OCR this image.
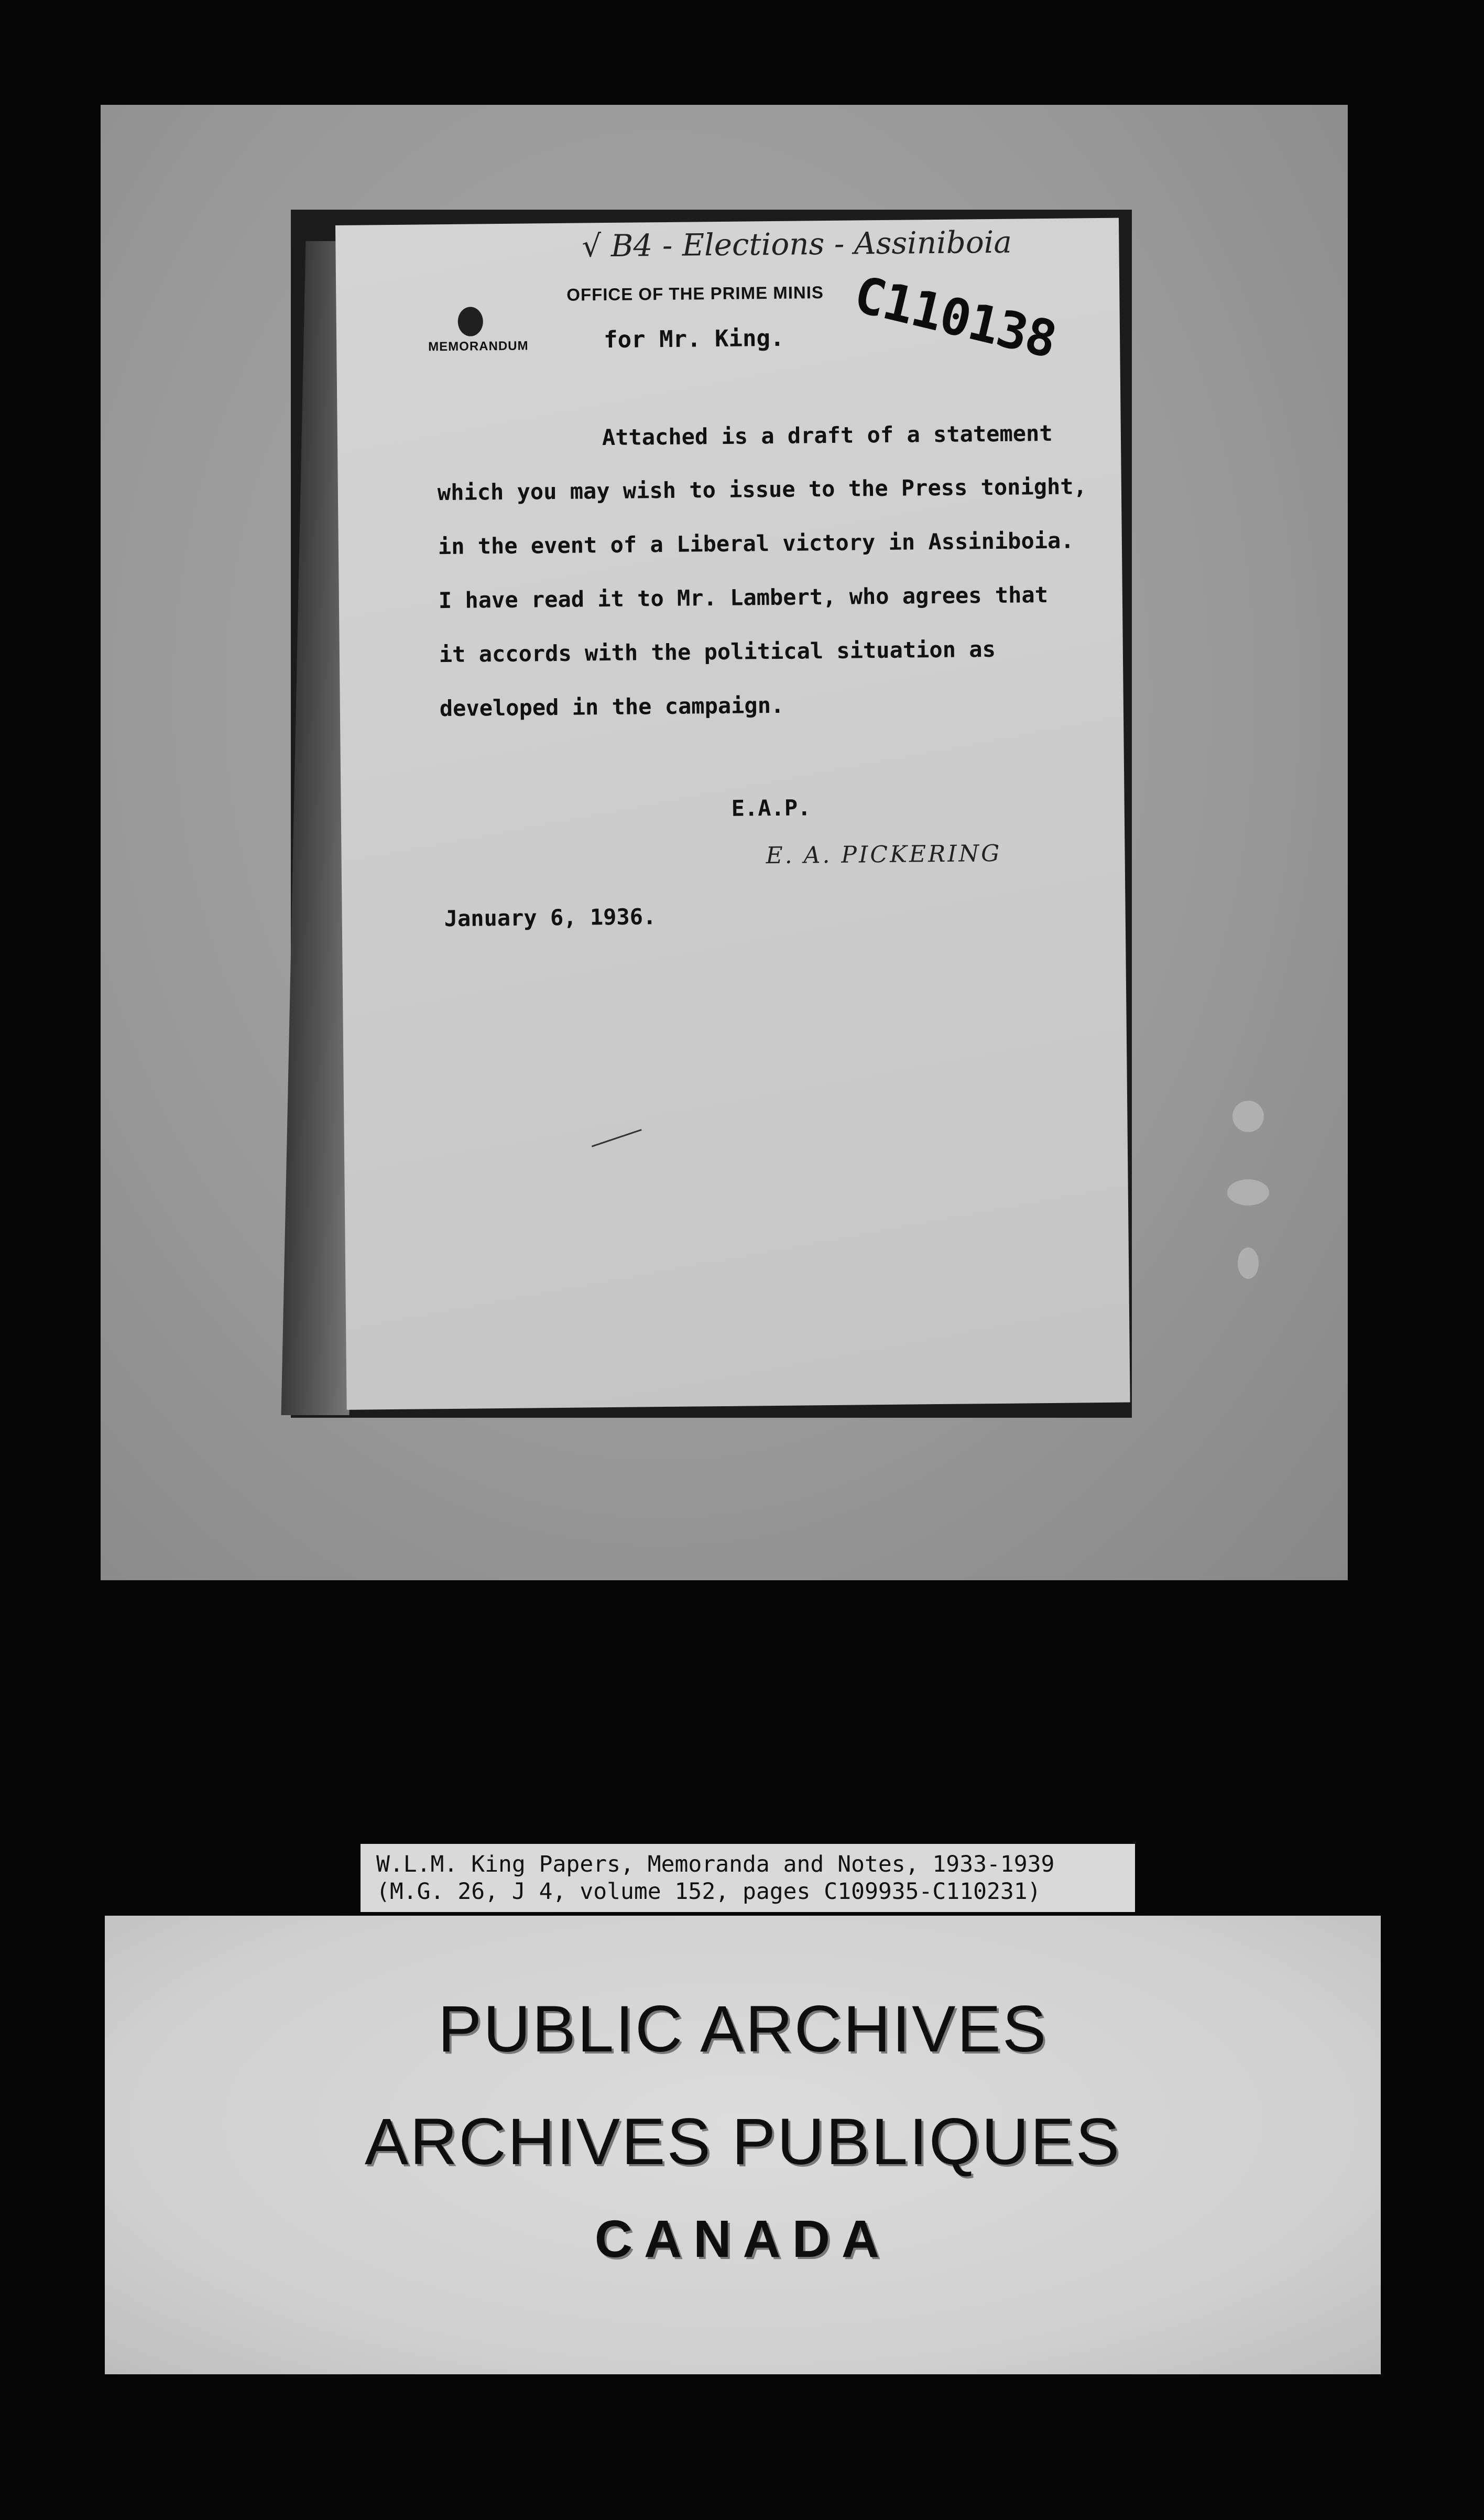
√ B4 - Elections - Assiniboia
OFFICE OF THE PRIME MINIS C110138
MEMORANDUM	for Mr. King.
Attached is a draft of a statement
which you may wish to issue to the Press tonight,
in the event of a Liberal victory in Assiniboia.
I have read it to Mr. Lambert, who agrees that
it accords with the political situation as
developed in the campaign.
E.A.P.
E. A. PICKERING
January 6, 1936.
W.L.M. King Papers, Memoranda and Notes, 1933-1939
(M.G. 26, J 4, volume 152, pages C109935-C110231)
PUBLIC ARCHIVES
ARCHIVES PUBLIQUES
CANADA
